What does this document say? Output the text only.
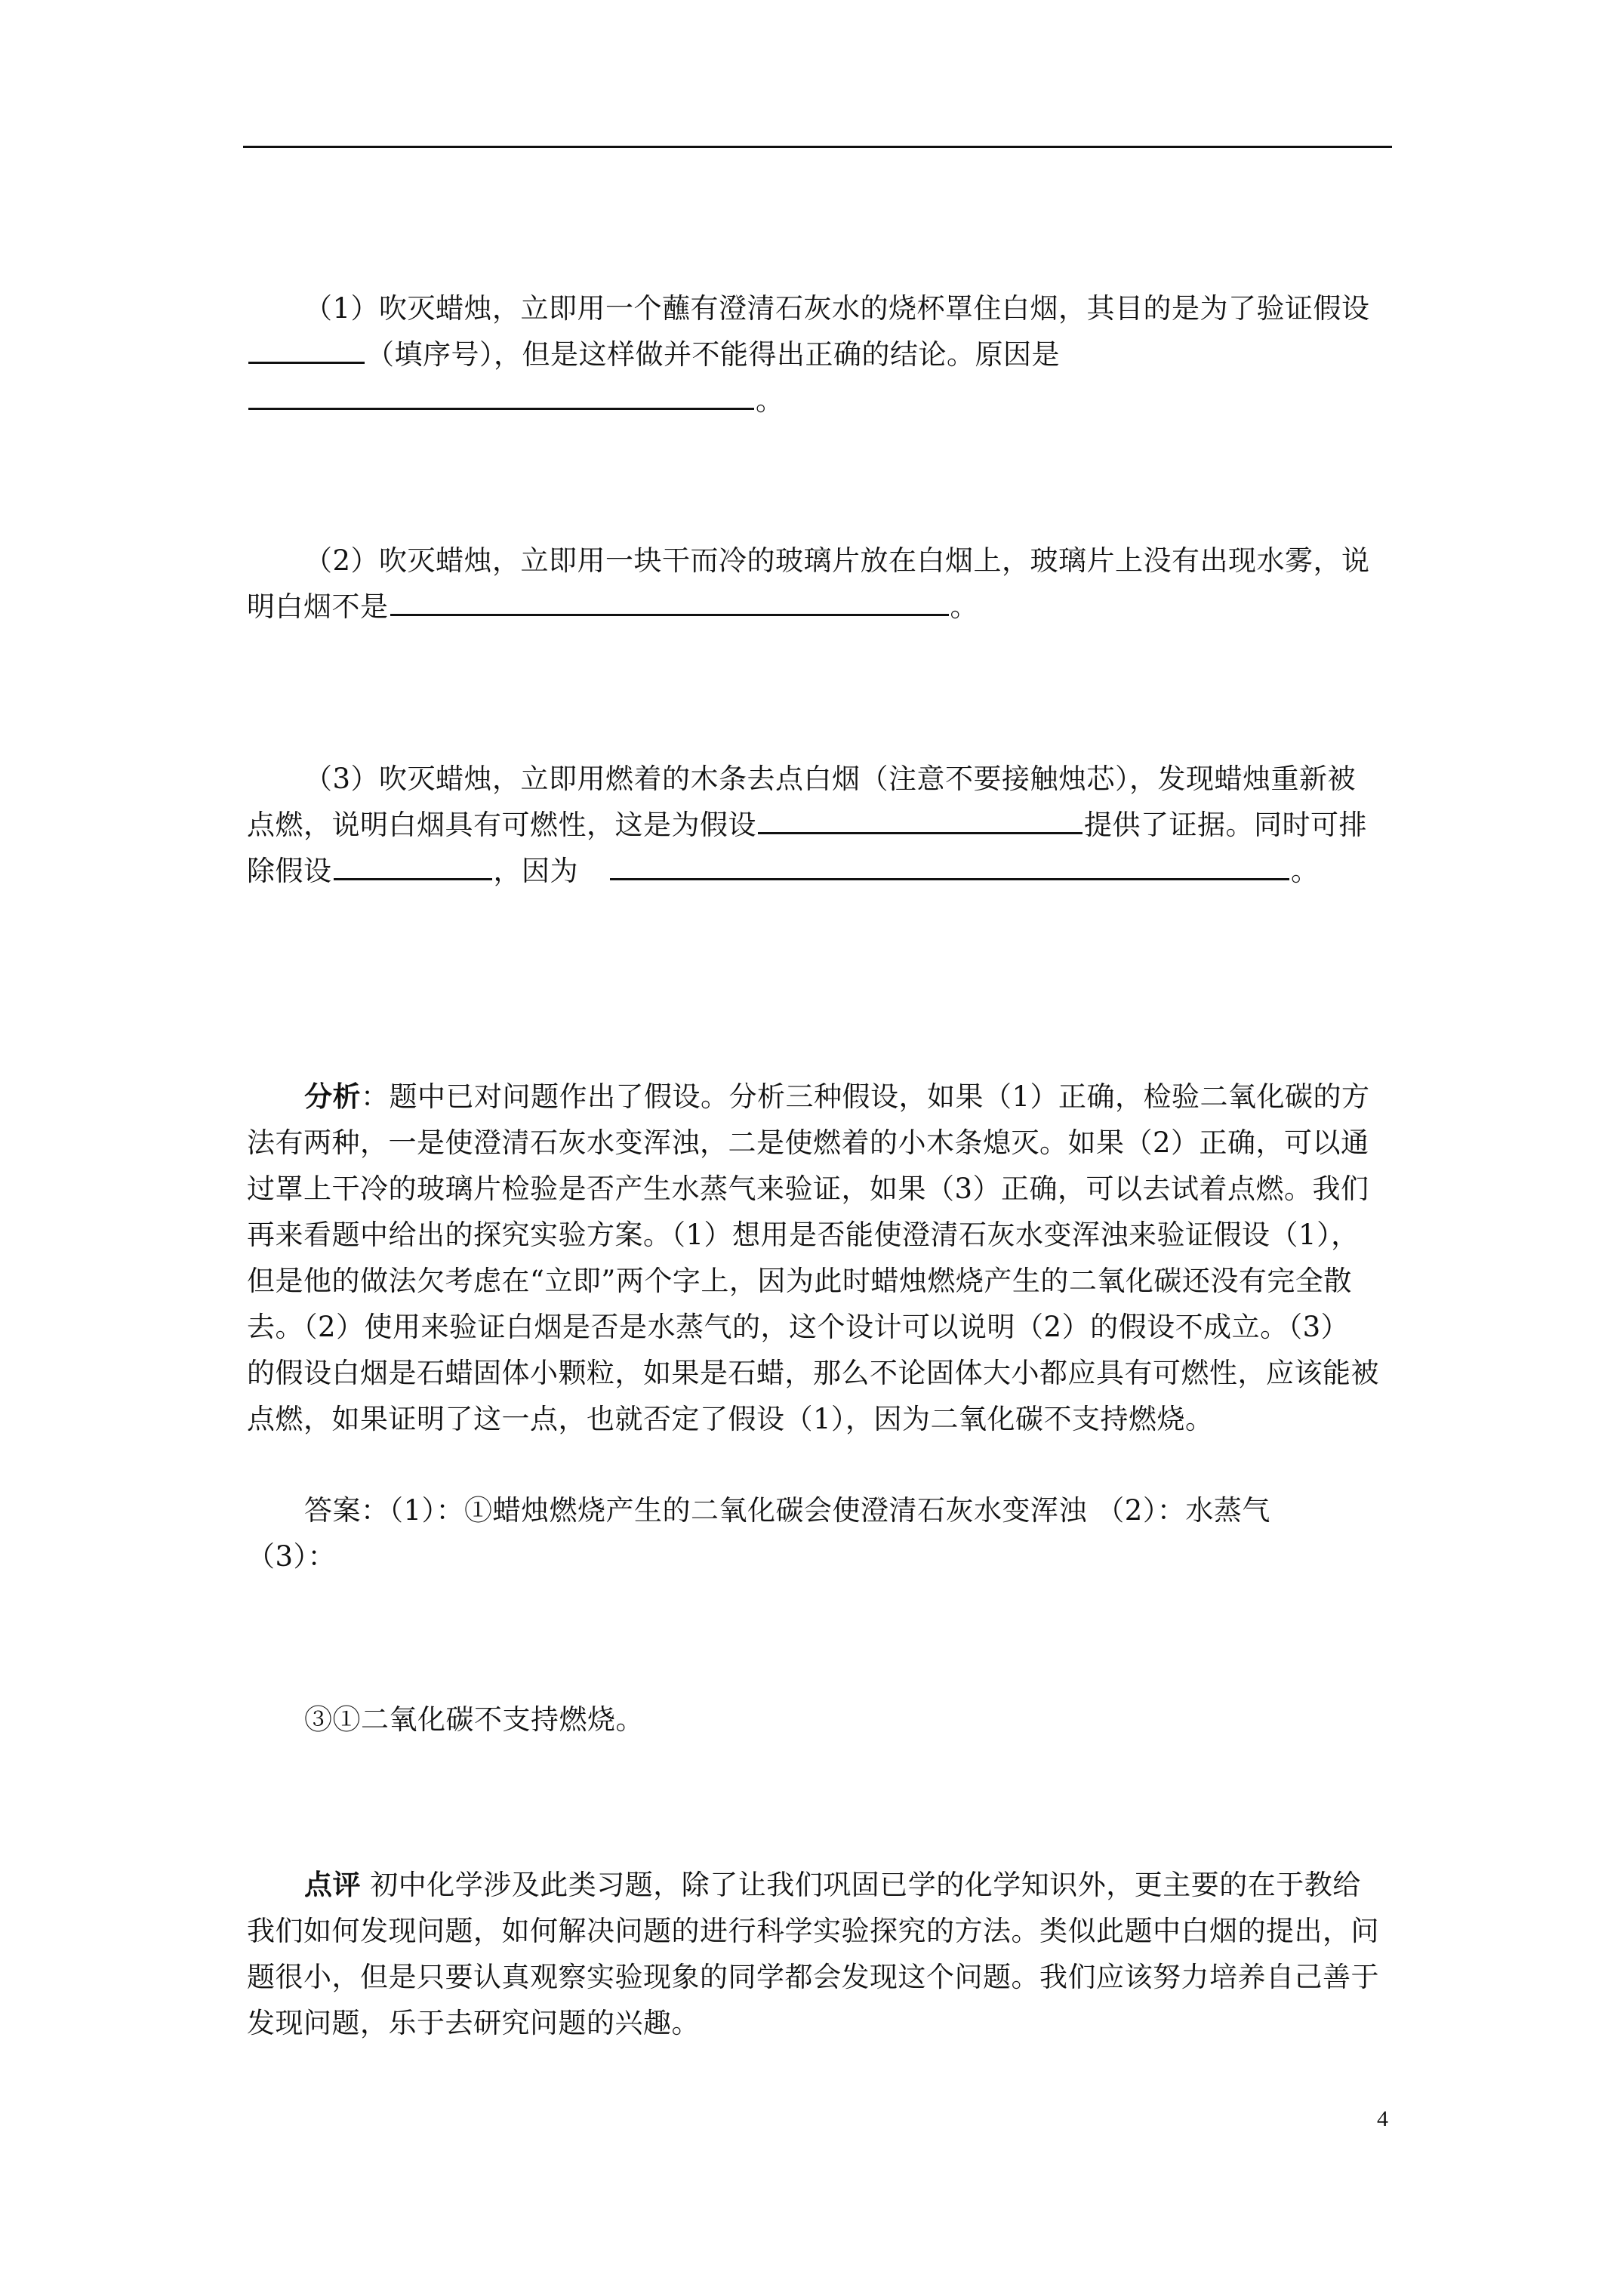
（1）吹灭蜡烛，立即用一个蘸有澄清石灰水的烧杯罩住白烟，其目的是为了验证假设
（填序号），但是这样做并不能得出正确的结论。原因是
。
（2）吹灭蜡烛，立即用一块干而冷的玻璃片放在白烟上，玻璃片上没有出现水雾，说
明白烟不是	。
（3）吹灭蜡烛，立即用燃着的木条去点白烟（注意不要接触烛芯），发现蜡烛重新被
点燃，说明白烟具有可燃性，这是为假设	提供了证据。同时可排
除假设	，因为	。
分析：题中已对问题作出了假设。分析三种假设，如果（1）正确，检验二氧化碳的方
法有两种，一是使澄清石灰水变浑浊，二是使燃着的小木条熄灭。如果（2）正确，可以通
过罩上干冷的玻璃片检验是否产生水蒸气来验证，如果（3）正确，可以去试着点燃。我们
再来看题中给出的探究实验方案。（1）想用是否能使澄清石灰水变浑浊来验证假设（1），
但是他的做法欠考虑在“立即”两个字上，因为此时蜡烛燃烧产生的二氧化碳还没有完全散
去。（2）使用来验证白烟是否是水蒸气的，这个设计可以说明（2）的假设不成立。（3）
的假设白烟是石蜡固体小颗粒，如果是石蜡，那么不论固体大小都应具有可燃性，应该能被
点燃，如果证明了这一点，也就否定了假设（1），因为二氧化碳不支持燃烧。
答案：（1）：①蜡烛燃烧产生的二氧化碳会使澄清石灰水变浑浊 （2）：水蒸气
（3）：
③①二氧化碳不支持燃烧。
点评 初中化学涉及此类习题，除了让我们巩固已学的化学知识外，更主要的在于教给
我们如何发现问题，如何解决问题的进行科学实验探究的方法。类似此题中白烟的提出，问
题很小，但是只要认真观察实验现象的同学都会发现这个问题。我们应该努力培养自己善于
发现问题，乐于去研究问题的兴趣。
4
